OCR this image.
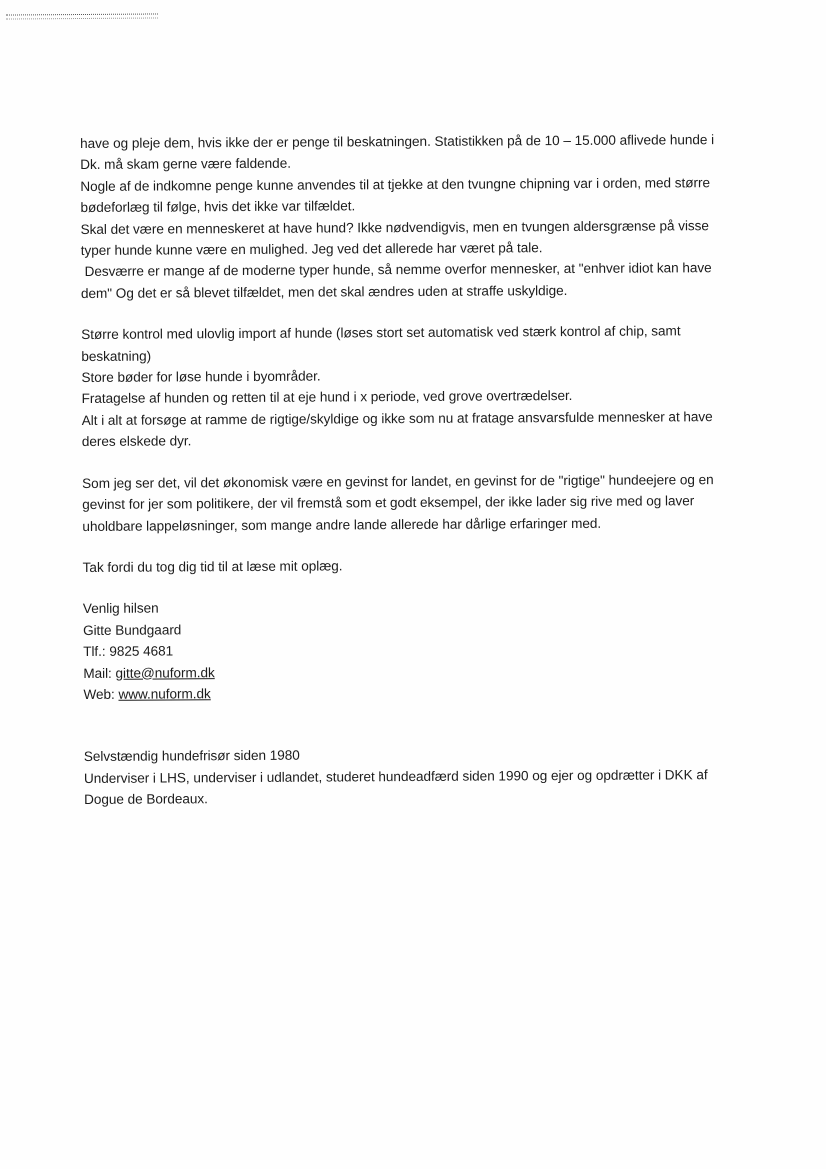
have og pleje dem, hvis ikke der er penge til beskatningen. Statistikken på de 10 – 15.000 aflivede hunde i

Dk. må skam gerne være faldende.

Nogle af de indkomne penge kunne anvendes til at tjekke at den tvungne chipning var i orden, med større

bødeforlæg til følge, hvis det ikke var tilfældet.

Skal det være en menneskeret at have hund? Ikke nødvendigvis, men en tvungen aldersgrænse på visse

typer hunde kunne være en mulighed. Jeg ved det allerede har været på tale.

Desværre er mange af de moderne typer hunde, så nemme overfor mennesker, at "enhver idiot kan have

dem" Og det er så blevet tilfældet, men det skal ændres uden at straffe uskyldige.

Større kontrol med ulovlig import af hunde (løses stort set automatisk ved stærk kontrol af chip, samt

beskatning)

Store bøder for løse hunde i byområder.

Fratagelse af hunden og retten til at eje hund i x periode, ved grove overtrædelser.

Alt i alt at forsøge at ramme de rigtige/skyldige og ikke som nu at fratage ansvarsfulde mennesker at have

deres elskede dyr.

Som jeg ser det, vil det økonomisk være en gevinst for landet, en gevinst for de "rigtige" hundeejere og en

gevinst for jer som politikere, der vil fremstå som et godt eksempel, der ikke lader sig rive med og laver

uholdbare lappeløsninger, som mange andre lande allerede har dårlige erfaringer med.

Tak fordi du tog dig tid til at læse mit oplæg.

Venlig hilsen

Gitte Bundgaard

Tlf.: 9825 4681

Mail: gitte@nuform.dk

Web: www.nuform.dk

Selvstændig hundefrisør siden 1980

Underviser i LHS, underviser i udlandet, studeret hundeadfærd siden 1990 og ejer og opdrætter i DKK af

Dogue de Bordeaux.
